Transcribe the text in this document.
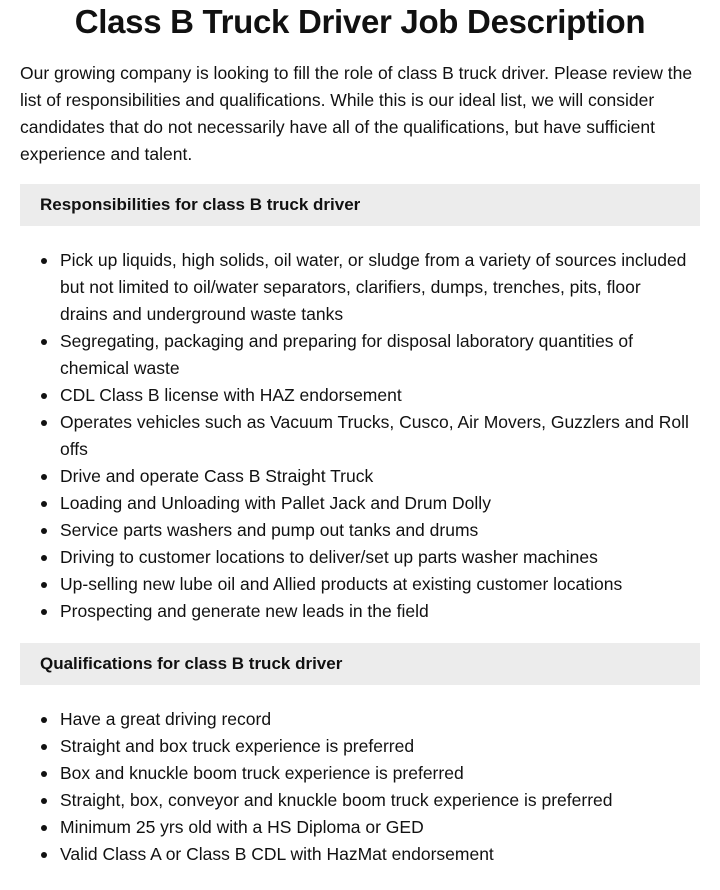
Class B Truck Driver Job Description

Our growing company is looking to fill the role of class B truck driver. Please review the list of responsibilities and qualifications. While this is our ideal list, we will consider candidates that do not necessarily have all of the qualifications, but have sufficient experience and talent.

Responsibilities for class B truck driver
Pick up liquids, high solids, oil water, or sludge from a variety of sources included but not limited to oil/water separators, clarifiers, dumps, trenches, pits, floor drains and underground waste tanks
Segregating, packaging and preparing for disposal laboratory quantities of chemical waste
CDL Class B license with HAZ endorsement
Operates vehicles such as Vacuum Trucks, Cusco, Air Movers, Guzzlers and Roll offs
Drive and operate Cass B Straight Truck
Loading and Unloading with Pallet Jack and Drum Dolly
Service parts washers and pump out tanks and drums
Driving to customer locations to deliver/set up parts washer machines
Up-selling new lube oil and Allied products at existing customer locations
Prospecting and generate new leads in the field
Qualifications for class B truck driver
Have a great driving record
Straight and box truck experience is preferred
Box and knuckle boom truck experience is preferred
Straight, box, conveyor and knuckle boom truck experience is preferred
Minimum 25 yrs old with a HS Diploma or GED
Valid Class A or Class B CDL with HazMat endorsement
